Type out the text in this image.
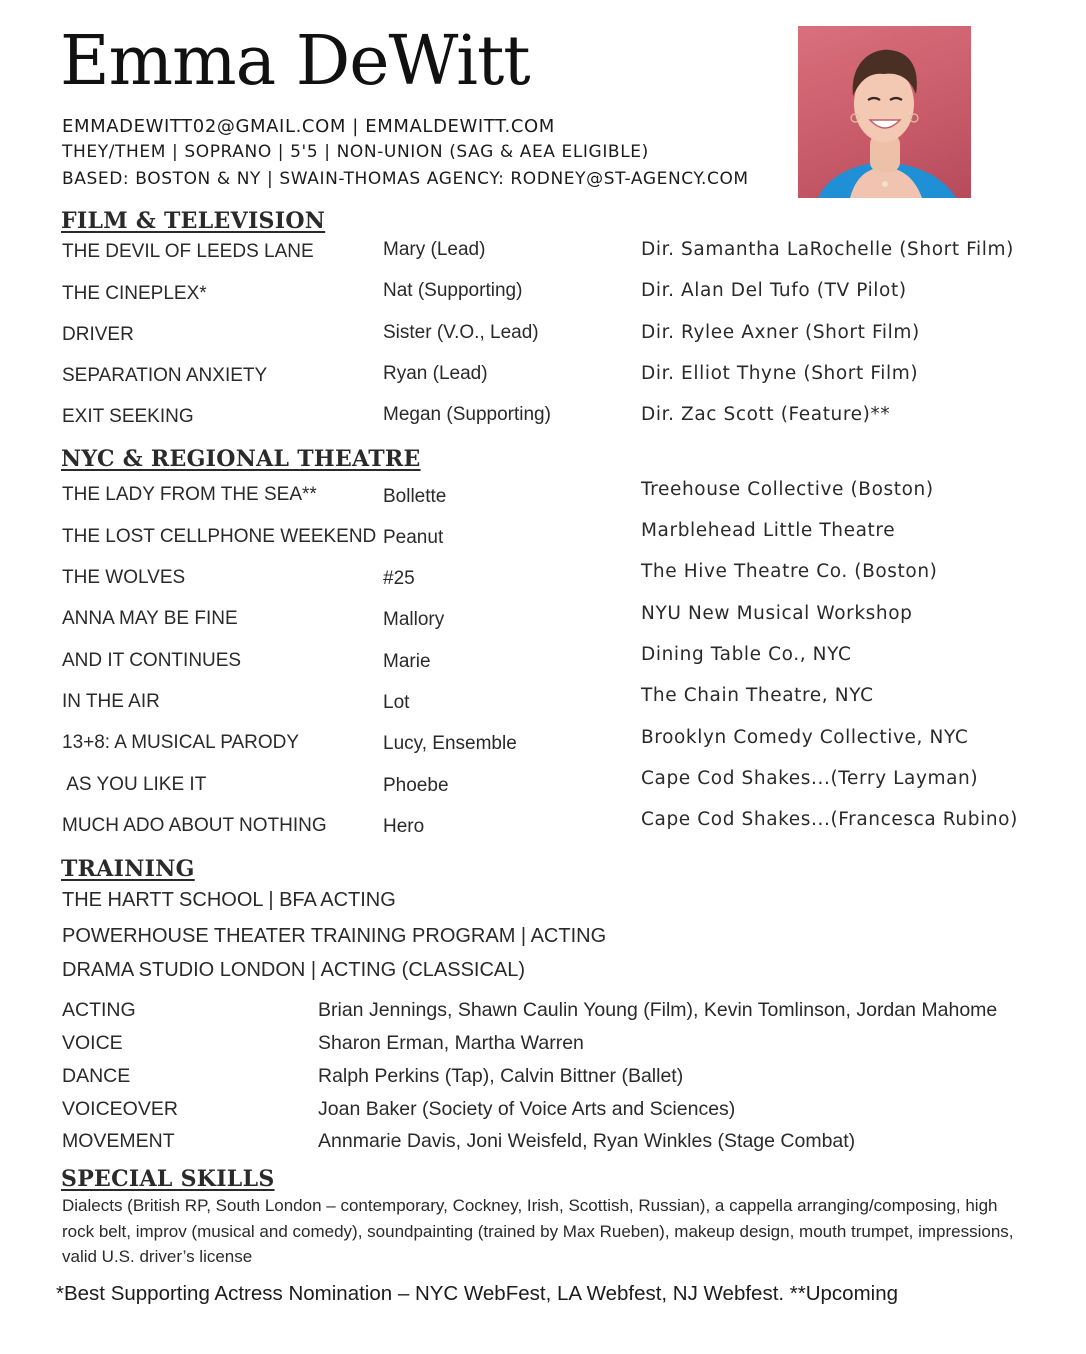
Emma DeWitt
EMMADEWITT02@GMAIL.COM | EMMALDEWITT.COM
THEY/THEM | SOPRANO | 5'5 | NON-UNION (SAG & AEA ELIGIBLE)
BASED: BOSTON & NY | SWAIN-THOMAS AGENCY: RODNEY@ST-AGENCY.COM
FILM & TELEVISION
THE DEVIL OF LEEDS LANE	Mary (Lead)	Dir. Samantha LaRochelle (Short Film)
THE CINEPLEX*	Nat (Supporting)	Dir. Alan Del Tufo (TV Pilot)
DRIVER	Sister (V.O., Lead)	Dir. Rylee Axner (Short Film)
SEPARATION ANXIETY	Ryan (Lead)	Dir. Elliot Thyne (Short Film)
EXIT SEEKING	Megan (Supporting)	Dir. Zac Scott (Feature)**
NYC & REGIONAL THEATRE
THE LADY FROM THE SEA**	Bollette	Treehouse Collective (Boston)
THE LOST CELLPHONE WEEKEND Peanut	Marblehead Little Theatre
THE WOLVES	#25	The Hive Theatre Co. (Boston)
ANNA MAY BE FINE	Mallory	NYU New Musical Workshop
AND IT CONTINUES	Marie	Dining Table Co., NYC
IN THE AIR	Lot	The Chain Theatre, NYC
13+8: A MUSICAL PARODY	Lucy, Ensemble	Brooklyn Comedy Collective, NYC
AS YOU LIKE IT	Phoebe	Cape Cod Shakes...(Terry Layman)
MUCH ADO ABOUT NOTHING	Hero	Cape Cod Shakes...(Francesca Rubino)
TRAINING
THE HARTT SCHOOL | BFA ACTING
POWERHOUSE THEATER TRAINING PROGRAM | ACTING
DRAMA STUDIO LONDON | ACTING (CLASSICAL)
ACTING	Brian Jennings, Shawn Caulin Young (Film), Kevin Tomlinson, Jordan Mahome
VOICE	Sharon Erman, Martha Warren
DANCE	Ralph Perkins (Tap), Calvin Bittner (Ballet)
VOICEOVER	Joan Baker (Society of Voice Arts and Sciences)
MOVEMENT	Annmarie Davis, Joni Weisfeld, Ryan Winkles (Stage Combat)
SPECIAL SKILLS
Dialects (British RP, South London – contemporary, Cockney, Irish, Scottish, Russian), a cappella arranging/composing, high rock belt, improv (musical and comedy), soundpainting (trained by Max Rueben), makeup design, mouth trumpet, impressions, valid U.S. driver’s license
*Best Supporting Actress Nomination – NYC WebFest, LA Webfest, NJ Webfest. **Upcoming
